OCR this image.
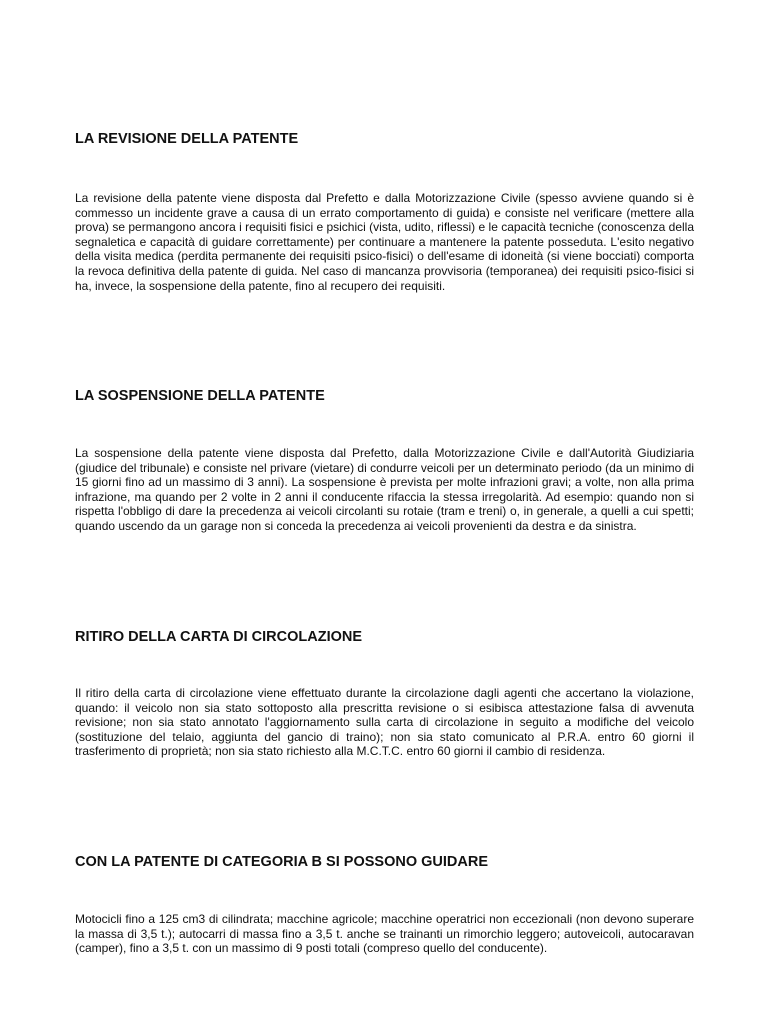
LA REVISIONE DELLA PATENTE

La revisione della patente viene disposta dal Prefetto e dalla Motorizzazione Civile (spesso avviene quando si è commesso un incidente grave a causa di un errato comportamento di guida) e consiste nel verificare (mettere alla prova) se permangono ancora i requisiti fisici e psichici (vista, udito, riflessi) e le capacità tecniche (conoscenza della segnaletica e capacità di guidare correttamente) per continuare a mantenere la patente posseduta. L'esito negativo della visita medica (perdita permanente dei requisiti psico-fisici) o dell'esame di idoneità (si viene bocciati) comporta la revoca definitiva della patente di guida. Nel caso di mancanza provvisoria (temporanea) dei requisiti psico-fisici si ha, invece, la sospensione della patente, fino al recupero dei requisiti.

LA SOSPENSIONE DELLA PATENTE

La sospensione della patente viene disposta dal Prefetto, dalla Motorizzazione Civile e dall'Autorità Giudiziaria (giudice del tribunale) e consiste nel privare (vietare) di condurre veicoli per un determinato periodo (da un minimo di 15 giorni fino ad un massimo di 3 anni). La sospensione è prevista per molte infrazioni gravi; a volte, non alla prima infrazione, ma quando per 2 volte in 2 anni il conducente rifaccia la stessa irregolarità. Ad esempio: quando non si rispetta l'obbligo di dare la precedenza ai veicoli circolanti su rotaie (tram e treni) o, in generale, a quelli a cui spetti; quando uscendo da un garage non si conceda la precedenza ai veicoli provenienti da destra e da sinistra.

RITIRO DELLA CARTA DI CIRCOLAZIONE

Il ritiro della carta di circolazione viene effettuato durante la circolazione dagli agenti che accertano la violazione, quando: il veicolo non sia stato sottoposto alla prescritta revisione o si esibisca attestazione falsa di avvenuta revisione; non sia stato annotato l'aggiornamento sulla carta di circolazione in seguito a modifiche del veicolo (sostituzione del telaio, aggiunta del gancio di traino); non sia stato comunicato al P.R.A. entro 60 giorni il trasferimento di proprietà; non sia stato richiesto alla M.C.T.C. entro 60 giorni il cambio di residenza.

CON LA PATENTE DI CATEGORIA B SI POSSONO GUIDARE

Motocicli fino a 125 cm3 di cilindrata; macchine agricole; macchine operatrici non eccezionali (non devono superare la massa di 3,5 t.); autocarri di massa fino a 3,5 t. anche se trainanti un rimorchio leggero; autoveicoli, autocaravan (camper), fino a 3,5 t. con un massimo di 9 posti totali (compreso quello del conducente).
